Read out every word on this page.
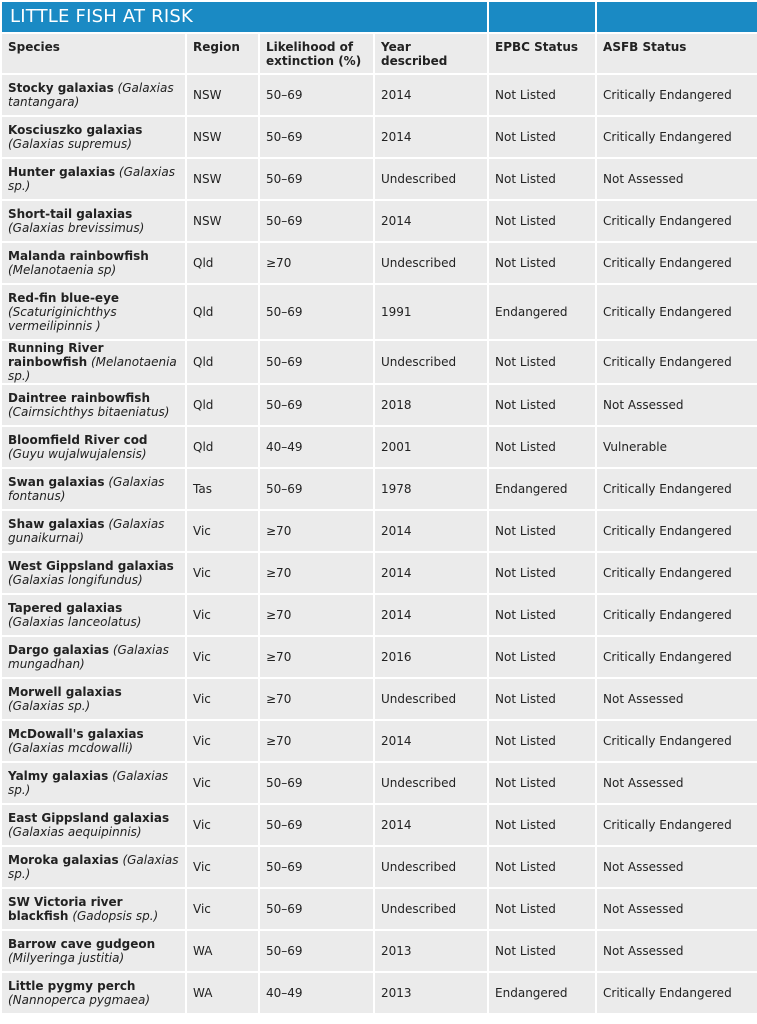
LITTLE FISH AT RISK					
Species	Region	Likelihood of extinction (%)	Year described	EPBC Status	ASFB Status
Stocky galaxias (Galaxias tantangara)	NSW	50–69	2014	Not Listed	Critically Endangered
Kosciuszko galaxias (Galaxias supremus)	NSW	50–69	2014	Not Listed	Critically Endangered
Hunter galaxias (Galaxias sp.)	NSW	50–69	Undescribed	Not Listed	Not Assessed
Short-tail galaxias (Galaxias brevissimus)	NSW	50–69	2014	Not Listed	Critically Endangered
Malanda rainbowfish (Melanotaenia sp)	Qld	≥70	Undescribed	Not Listed	Critically Endangered
Red-fin blue-eye (Scaturiginichthys vermeilipinnis )	Qld	50–69	1991	Endangered	Critically Endangered
Running River rainbowfish (Melanotaenia sp.)	Qld	50–69	Undescribed	Not Listed	Critically Endangered
Daintree rainbowfish (Cairnsichthys bitaeniatus)	Qld	50–69	2018	Not Listed	Not Assessed
Bloomfield River cod (Guyu wujalwujalensis)	Qld	40–49	2001	Not Listed	Vulnerable
Swan galaxias (Galaxias fontanus)	Tas	50–69	1978	Endangered	Critically Endangered
Shaw galaxias (Galaxias gunaikurnai)	Vic	≥70	2014	Not Listed	Critically Endangered
West Gippsland galaxias (Galaxias longifundus)	Vic	≥70	2014	Not Listed	Critically Endangered
Tapered galaxias (Galaxias lanceolatus)	Vic	≥70	2014	Not Listed	Critically Endangered
Dargo galaxias (Galaxias mungadhan)	Vic	≥70	2016	Not Listed	Critically Endangered
Morwell galaxias (Galaxias sp.)	Vic	≥70	Undescribed	Not Listed	Not Assessed
McDowall's galaxias (Galaxias mcdowalli)	Vic	≥70	2014	Not Listed	Critically Endangered
Yalmy galaxias (Galaxias sp.)	Vic	50–69	Undescribed	Not Listed	Not Assessed
East Gippsland galaxias (Galaxias aequipinnis)	Vic	50–69	2014	Not Listed	Critically Endangered
Moroka galaxias (Galaxias sp.)	Vic	50–69	Undescribed	Not Listed	Not Assessed
SW Victoria river blackfish (Gadopsis sp.)	Vic	50–69	Undescribed	Not Listed	Not Assessed
Barrow cave gudgeon (Milyeringa justitia)	WA	50–69	2013	Not Listed	Not Assessed
Little pygmy perch (Nannoperca pygmaea)	WA	40–49	2013	Endangered	Critically Endangered
